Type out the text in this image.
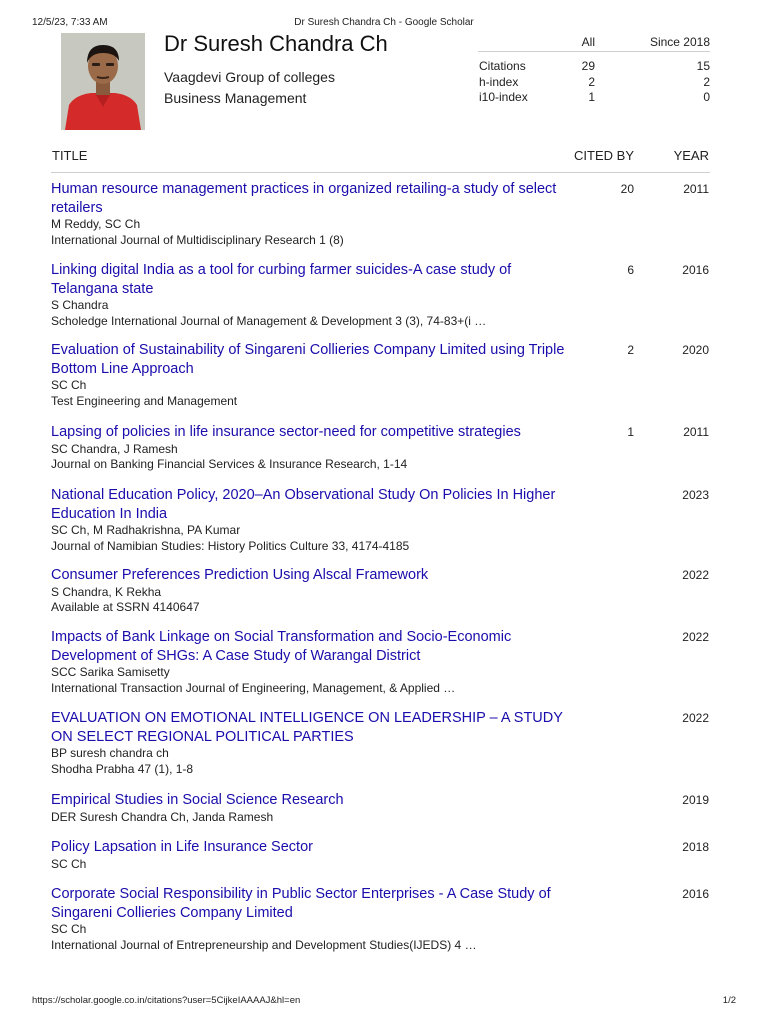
12/5/23, 7:33 AM	Dr Suresh Chandra Ch - Google Scholar
Dr Suresh Chandra Ch
Vaagdevi Group of colleges
Business Management
All	Since 2018
Citations	29	15
h-index	2	2
i10-index	1	0
TITLE	CITED BY	YEAR
Human resource management practices in organized retailing-a study of select retailers
M Reddy, SC Ch
International Journal of Multidisciplinary Research 1 (8)
20	2011
Linking digital India as a tool for curbing farmer suicides-A case study of Telangana state
S Chandra
Scholedge International Journal of Management & Development 3 (3), 74-83+(i …
6	2016
Evaluation of Sustainability of Singareni Collieries Company Limited using Triple Bottom Line Approach
SC Ch
Test Engineering and Management
2	2020
Lapsing of policies in life insurance sector-need for competitive strategies
SC Chandra, J Ramesh
Journal on Banking Financial Services & Insurance Research, 1-14
1	2011
National Education Policy, 2020–An Observational Study On Policies In Higher Education In India
SC Ch, M Radhakrishna, PA Kumar
Journal of Namibian Studies: History Politics Culture 33, 4174-4185
2023
Consumer Preferences Prediction Using Alscal Framework
S Chandra, K Rekha
Available at SSRN 4140647
2022
Impacts of Bank Linkage on Social Transformation and Socio-Economic Development of SHGs: A Case Study of Warangal District
SCC Sarika Samisetty
International Transaction Journal of Engineering, Management, & Applied …
2022
EVALUATION ON EMOTIONAL INTELLIGENCE ON LEADERSHIP – A STUDY ON SELECT REGIONAL POLITICAL PARTIES
BP suresh chandra ch
Shodha Prabha 47 (1), 1-8
2022
Empirical Studies in Social Science Research
DER Suresh Chandra Ch, Janda Ramesh
2019
Policy Lapsation in Life Insurance Sector
SC Ch
2018
Corporate Social Responsibility in Public Sector Enterprises - A Case Study of Singareni Collieries Company Limited
SC Ch
International Journal of Entrepreneurship and Development Studies(IJEDS) 4 …
2016
https://scholar.google.co.in/citations?user=5CijkeIAAAAJ&hl=en	1/2
